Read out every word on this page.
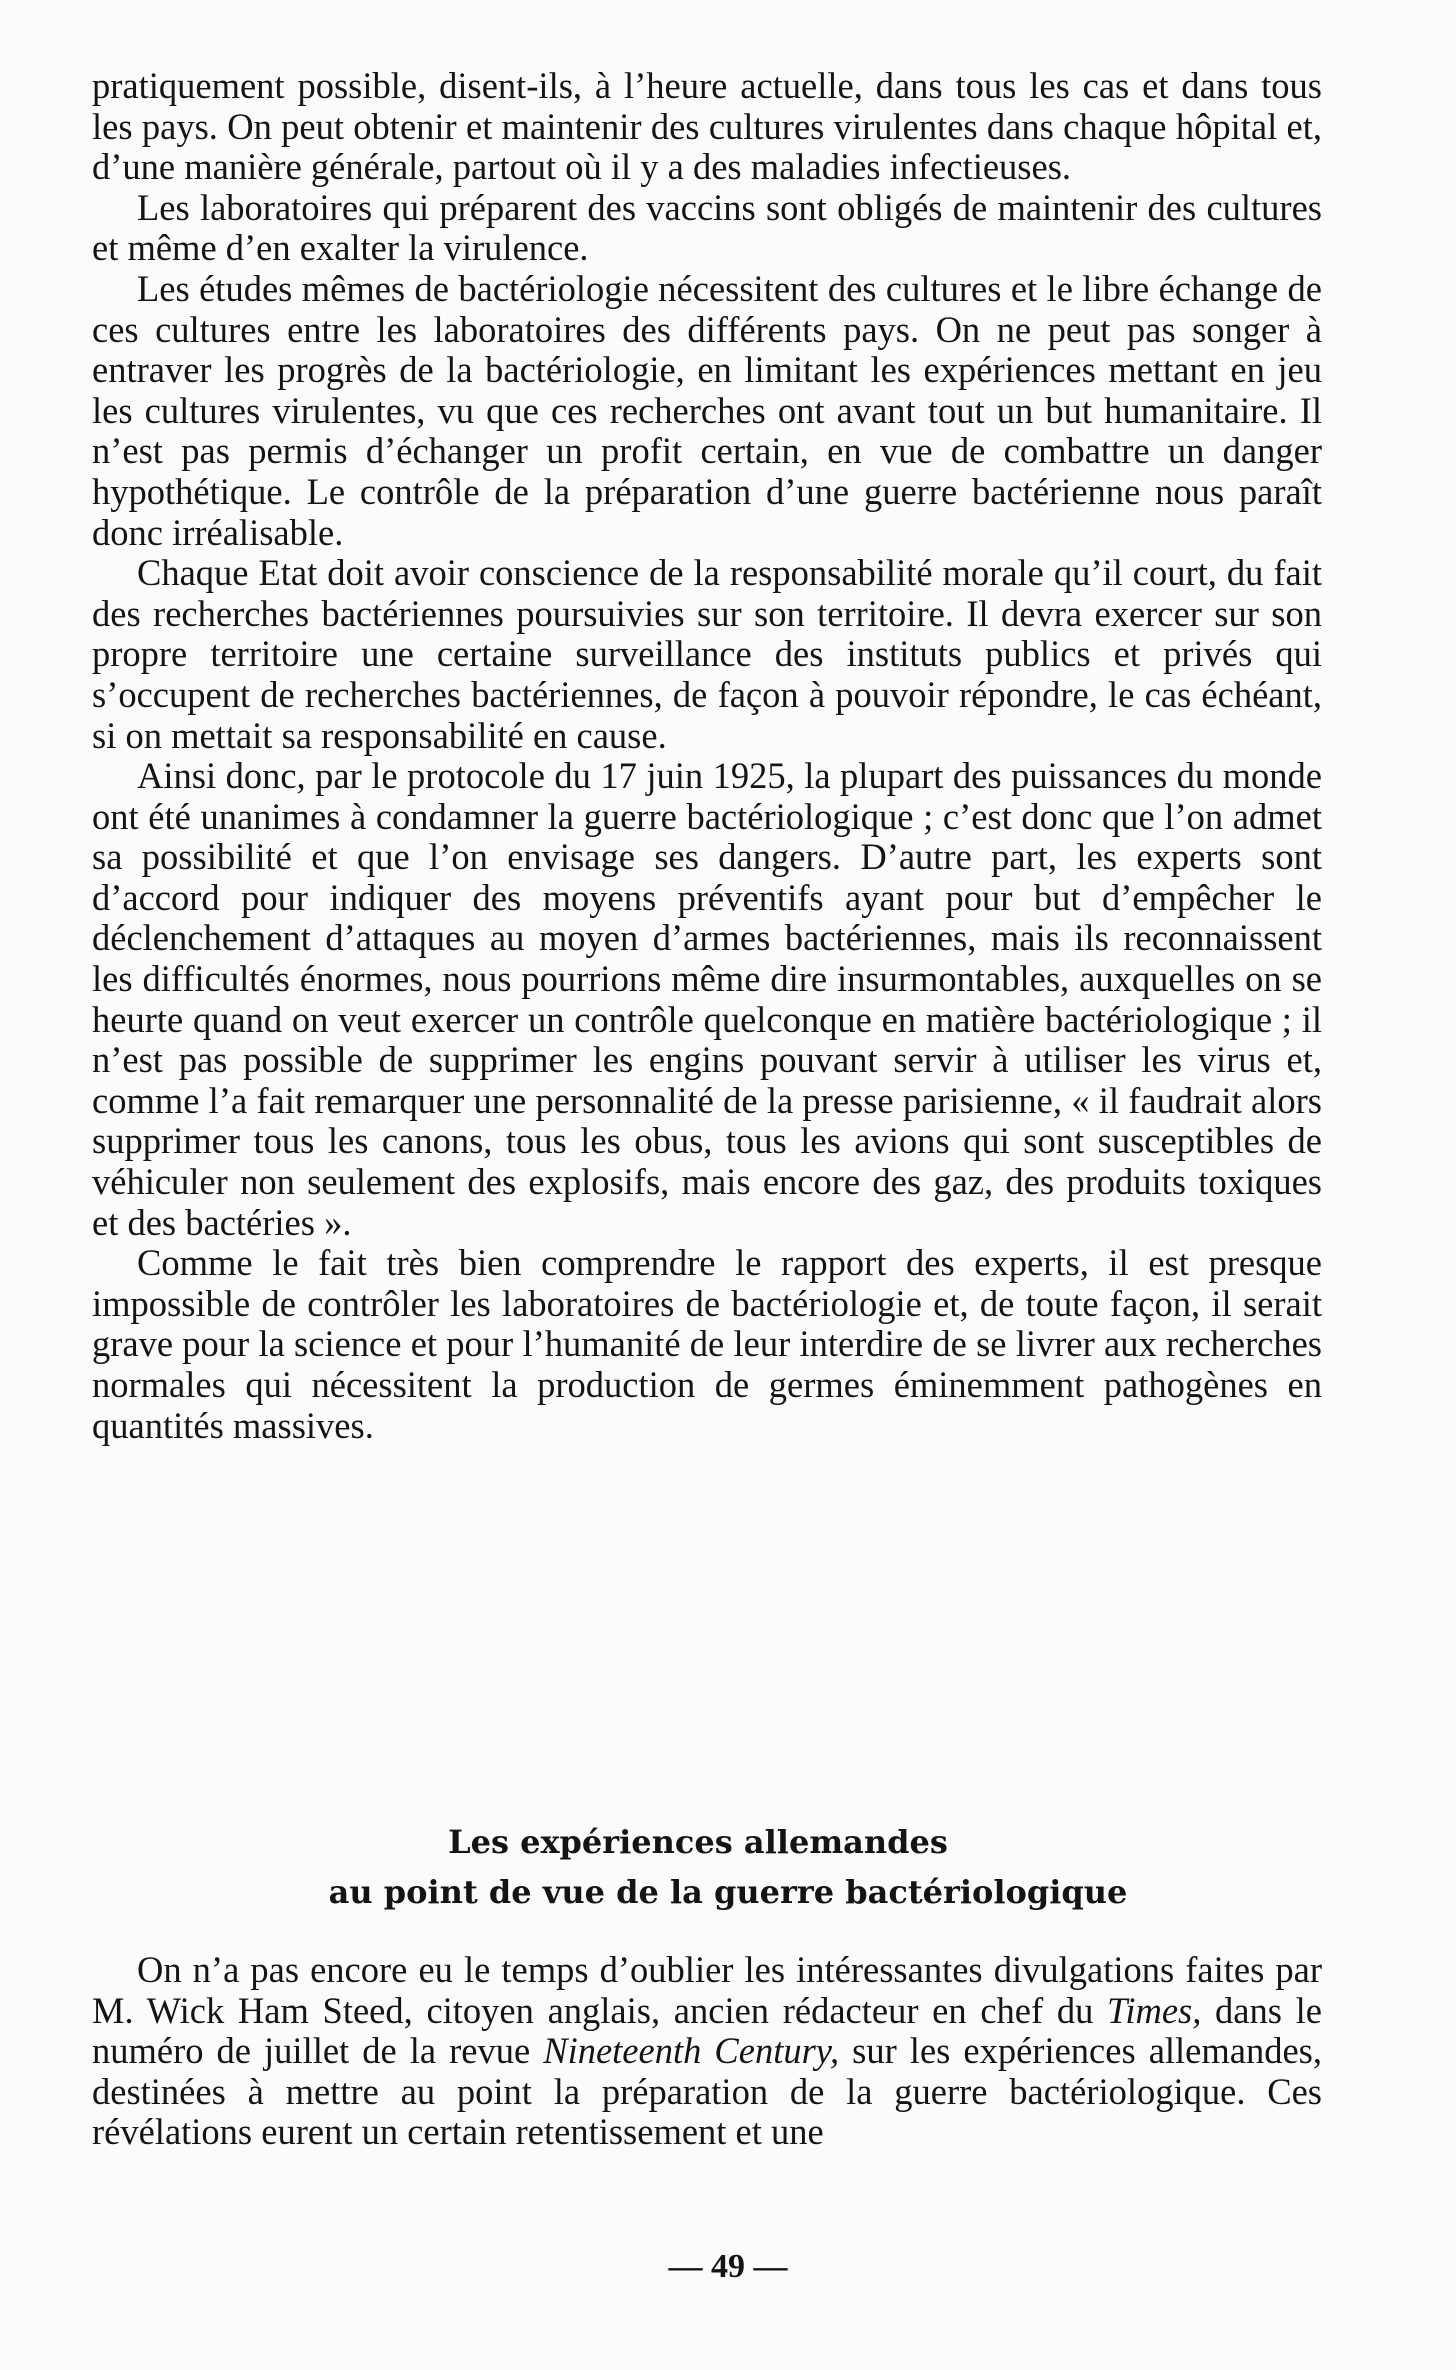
pratiquement possible, disent-ils, à l’heure actuelle, dans tous les cas et dans tous les pays. On peut obtenir et maintenir des cultures virulentes dans chaque hôpital et, d’une manière générale, partout où il y a des maladies infectieuses.

Les laboratoires qui préparent des vaccins sont obligés de maintenir des cultures et même d’en exalter la virulence.

Les études mêmes de bactériologie nécessitent des cultures et le libre échange de ces cultures entre les laboratoires des différents pays. On ne peut pas songer à entraver les progrès de la bactériologie, en limitant les expériences mettant en jeu les cultures virulentes, vu que ces recherches ont avant tout un but humanitaire. Il n’est pas permis d’échanger un profit certain, en vue de combattre un danger hypothétique. Le contrôle de la préparation d’une guerre bactérienne nous paraît donc irréalisable.

Chaque Etat doit avoir conscience de la responsabilité morale qu’il court, du fait des recherches bactériennes poursuivies sur son territoire. Il devra exercer sur son propre territoire une certaine surveillance des instituts publics et privés qui s’occupent de recherches bactériennes, de façon à pouvoir répondre, le cas échéant, si on mettait sa responsabilité en cause.

Ainsi donc, par le protocole du 17 juin 1925, la plupart des puissances du monde ont été unanimes à condamner la guerre bactériologique ; c’est donc que l’on admet sa possibilité et que l’on envisage ses dangers. D’autre part, les experts sont d’accord pour indiquer des moyens préventifs ayant pour but d’empêcher le déclenchement d’attaques au moyen d’armes bactériennes, mais ils reconnaissent les difficultés énormes, nous pourrions même dire insurmontables, auxquelles on se heurte quand on veut exercer un contrôle quelconque en matière bactériologique ; il n’est pas possible de supprimer les engins pouvant servir à utiliser les virus et, comme l’a fait remarquer une personnalité de la presse parisienne, « il faudrait alors supprimer tous les canons, tous les obus, tous les avions qui sont susceptibles de véhiculer non seulement des explosifs, mais encore des gaz, des produits toxiques et des bactéries ».

Comme le fait très bien comprendre le rapport des experts, il est presque impossible de contrôler les laboratoires de bactériologie et, de toute façon, il serait grave pour la science et pour l’humanité de leur interdire de se livrer aux recherches normales qui nécessitent la production de germes éminemment pathogènes en quantités massives.

Les expériences allemandes
au point de vue de la guerre bactériologique

On n’a pas encore eu le temps d’oublier les intéressantes divulgations faites par M. Wick Ham Steed, citoyen anglais, ancien rédacteur en chef du Times, dans le numéro de juillet de la revue Nineteenth Century, sur les expériences allemandes, destinées à mettre au point la préparation de la guerre bactériologique. Ces révélations eurent un certain retentissement et une

— 49 —
